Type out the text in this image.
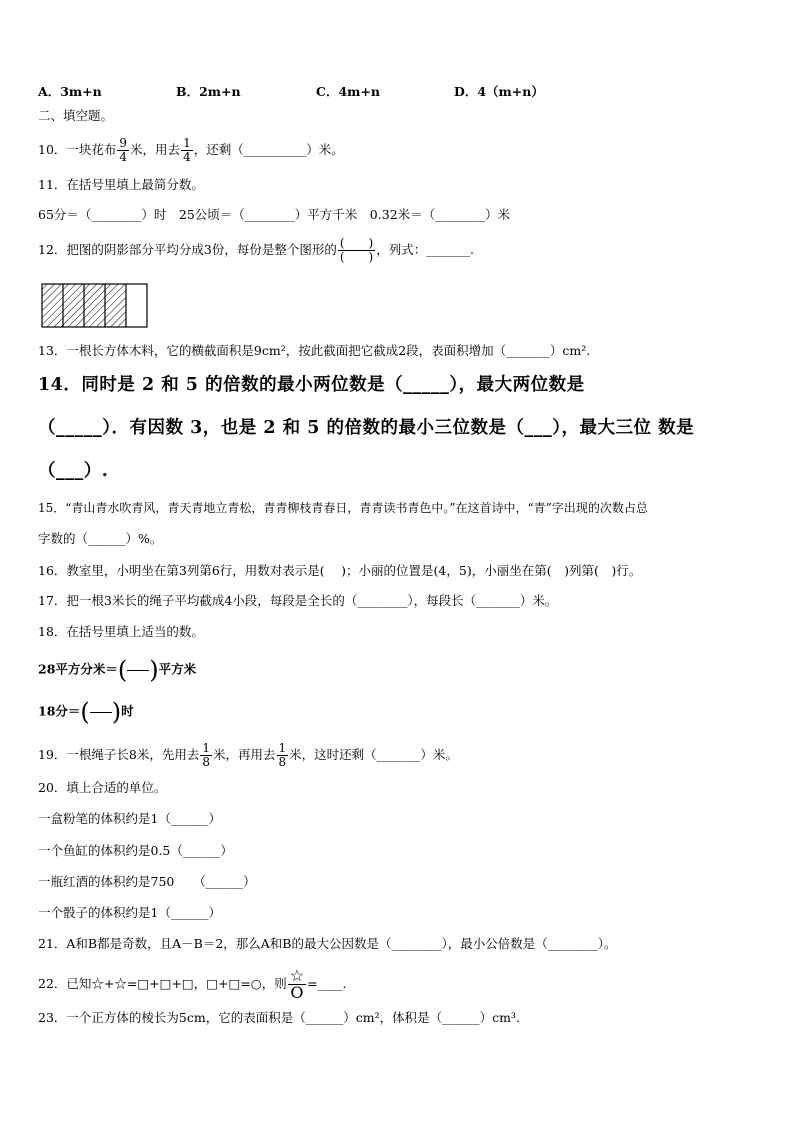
A．3m+n	B．2m+n	C．4m+n	D．4（m+n）
二、填空题。
10．一块花布 $\frac{9}{4}$ 米，用去 $\frac{1}{4}$ ，还剩（__________）米。
11．在括号里填上最简分数。
65分＝（________）时　25公顷＝（________）平方千米　0.32米＝（________）米
12．把图的阴影部分平均分成3份，每份是整个图形的 $\frac{( )}{( )}$ ，列式：_______.
13．一根长方体木料，它的横截面积是9cm²，按此截面把它截成2段，表面积增加（_______）cm².
14．同时是 2 和 5 的倍数的最小两位数是（_____），最大两位数是
（_____）．有因数 3，也是 2 和 5 的倍数的最小三位数是（___），最大三位 数是
（___）.
15．“青山青水吹青风，青天青地立青松，青青柳枝青春日，青青读书青色中。”在这首诗中，“青”字出现的次数占总
字数的（______）%。
16．教室里，小明坐在第3列第6行，用数对表示是(　 )；小丽的位置是(4，5)，小丽坐在第(　)列第(　)行。
17．把一根3米长的绳子平均截成4小段，每段是全长的（________），每段长（_______）米。
18．在括号里填上适当的数。
28平方分米＝( )平方米
18分＝( )时
19．一根绳子长8米，先用去 $\frac{1}{8}$ 米，再用去 $\frac{1}{8}$ 米，这时还剩（_______）米。
20．填上合适的单位。
一盒粉笔的体积约是1（______）
一个鱼缸的体积约是0.5（______）
一瓶红酒的体积约是750　　（______）
一个骰子的体积约是1（______）
21．A和B都是奇数，且A－B＝2，那么A和B的最大公因数是（________），最小公倍数是（________）。
22．已知☆+☆=□+□+□，□+□=○，则 $\frac{☆}{O}$ =____.
23．一个正方体的棱长为5cm，它的表面积是（______）cm²，体积是（______）cm³.
